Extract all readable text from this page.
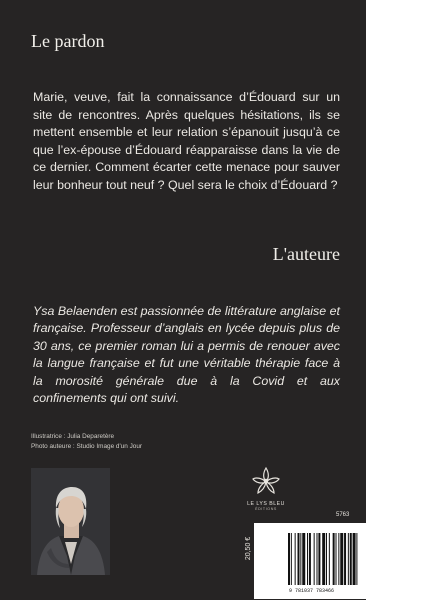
Le pardon
Marie, veuve, fait la connaissance d’Édouard sur un site de rencontres. Après quelques hésitations, ils se mettent ensemble et leur relation s’épanouit jusqu’à ce que l’ex-épouse d’Édouard réapparaisse dans la vie de ce dernier. Comment écarter cette menace pour sauver leur bonheur tout neuf ? Quel sera le choix d’Édouard ?
L'auteure
Ysa Belaenden est passionnée de littérature anglaise et française. Professeur d’anglais en lycée depuis plus de 30 ans, ce premier roman lui a permis de renouer avec la langue française et fut une véritable thérapie face à la morosité générale due à la Covid et aux confinements qui ont suivi.
Illustratrice : Julia Deparetère
Photo auteure : Studio Image d'un Jour
LE LYS BLEU
ÉDITIONS
5763
20,50 €
9 781037 783466
